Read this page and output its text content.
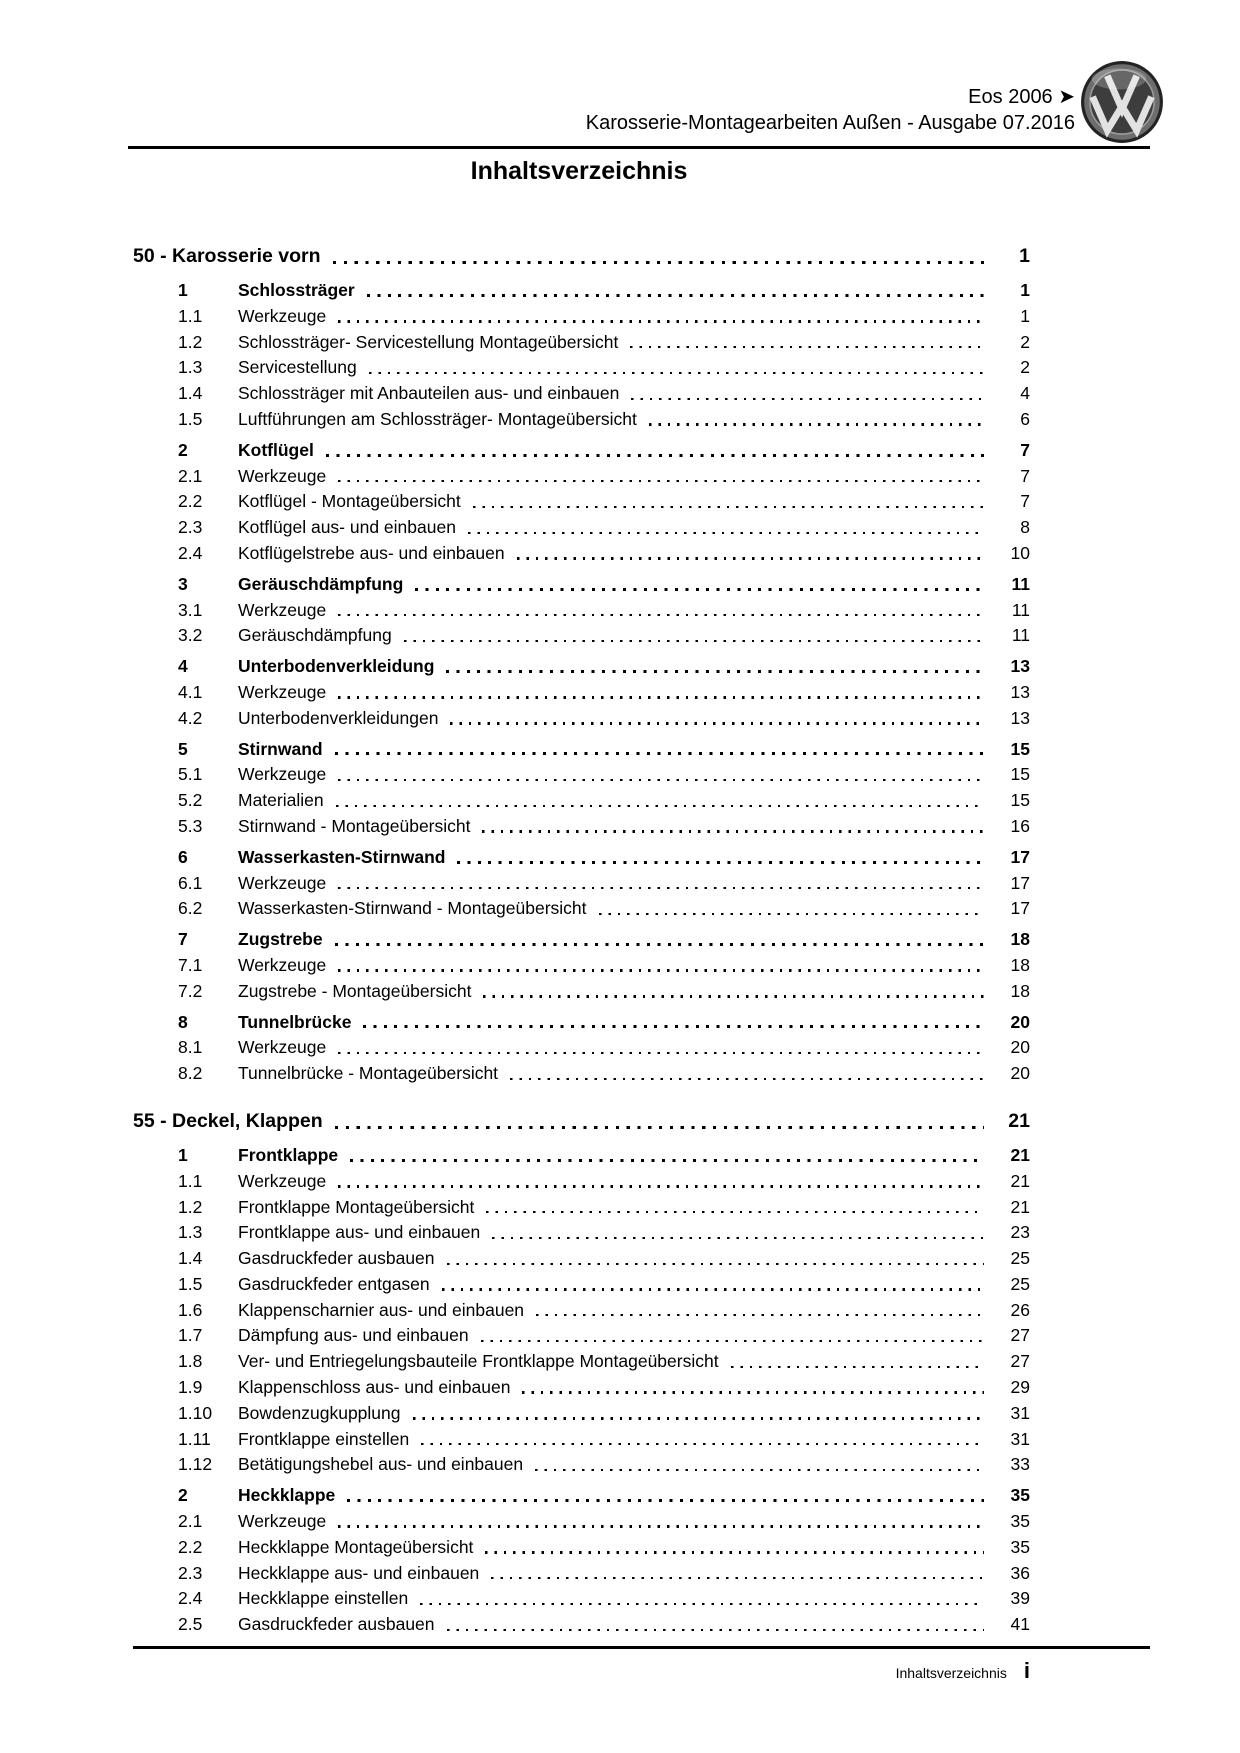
Eos 2006 ➤
Karosserie-Montagearbeiten Außen - Ausgabe 07.2016
Inhaltsverzeichnis
50 - Karosserie vorn	1
1	Schlossträger	1
1.1	Werkzeuge	1
1.2	Schlossträger- Servicestellung Montageübersicht	2
1.3	Servicestellung	2
1.4	Schlossträger mit Anbauteilen aus- und einbauen	4
1.5	Luftführungen am Schlossträger- Montageübersicht	6
2	Kotflügel	7
2.1	Werkzeuge	7
2.2	Kotflügel - Montageübersicht	7
2.3	Kotflügel aus- und einbauen	8
2.4	Kotflügelstrebe aus- und einbauen	10
3	Geräuschdämpfung	11
3.1	Werkzeuge	11
3.2	Geräuschdämpfung	11
4	Unterbodenverkleidung	13
4.1	Werkzeuge	13
4.2	Unterbodenverkleidungen	13
5	Stirnwand	15
5.1	Werkzeuge	15
5.2	Materialien	15
5.3	Stirnwand - Montageübersicht	16
6	Wasserkasten-Stirnwand	17
6.1	Werkzeuge	17
6.2	Wasserkasten-Stirnwand - Montageübersicht	17
7	Zugstrebe	18
7.1	Werkzeuge	18
7.2	Zugstrebe - Montageübersicht	18
8	Tunnelbrücke	20
8.1	Werkzeuge	20
8.2	Tunnelbrücke - Montageübersicht	20
55 - Deckel, Klappen	21
1	Frontklappe	21
1.1	Werkzeuge	21
1.2	Frontklappe Montageübersicht	21
1.3	Frontklappe aus- und einbauen	23
1.4	Gasdruckfeder ausbauen	25
1.5	Gasdruckfeder entgasen	25
1.6	Klappenscharnier aus- und einbauen	26
1.7	Dämpfung aus- und einbauen	27
1.8	Ver- und Entriegelungsbauteile Frontklappe Montageübersicht	27
1.9	Klappenschloss aus- und einbauen	29
1.10	Bowdenzugkupplung	31
1.11	Frontklappe einstellen	31
1.12	Betätigungshebel aus- und einbauen	33
2	Heckklappe	35
2.1	Werkzeuge	35
2.2	Heckklappe Montageübersicht	35
2.3	Heckklappe aus- und einbauen	36
2.4	Heckklappe einstellen	39
2.5	Gasdruckfeder ausbauen	41
Inhaltsverzeichnis i
